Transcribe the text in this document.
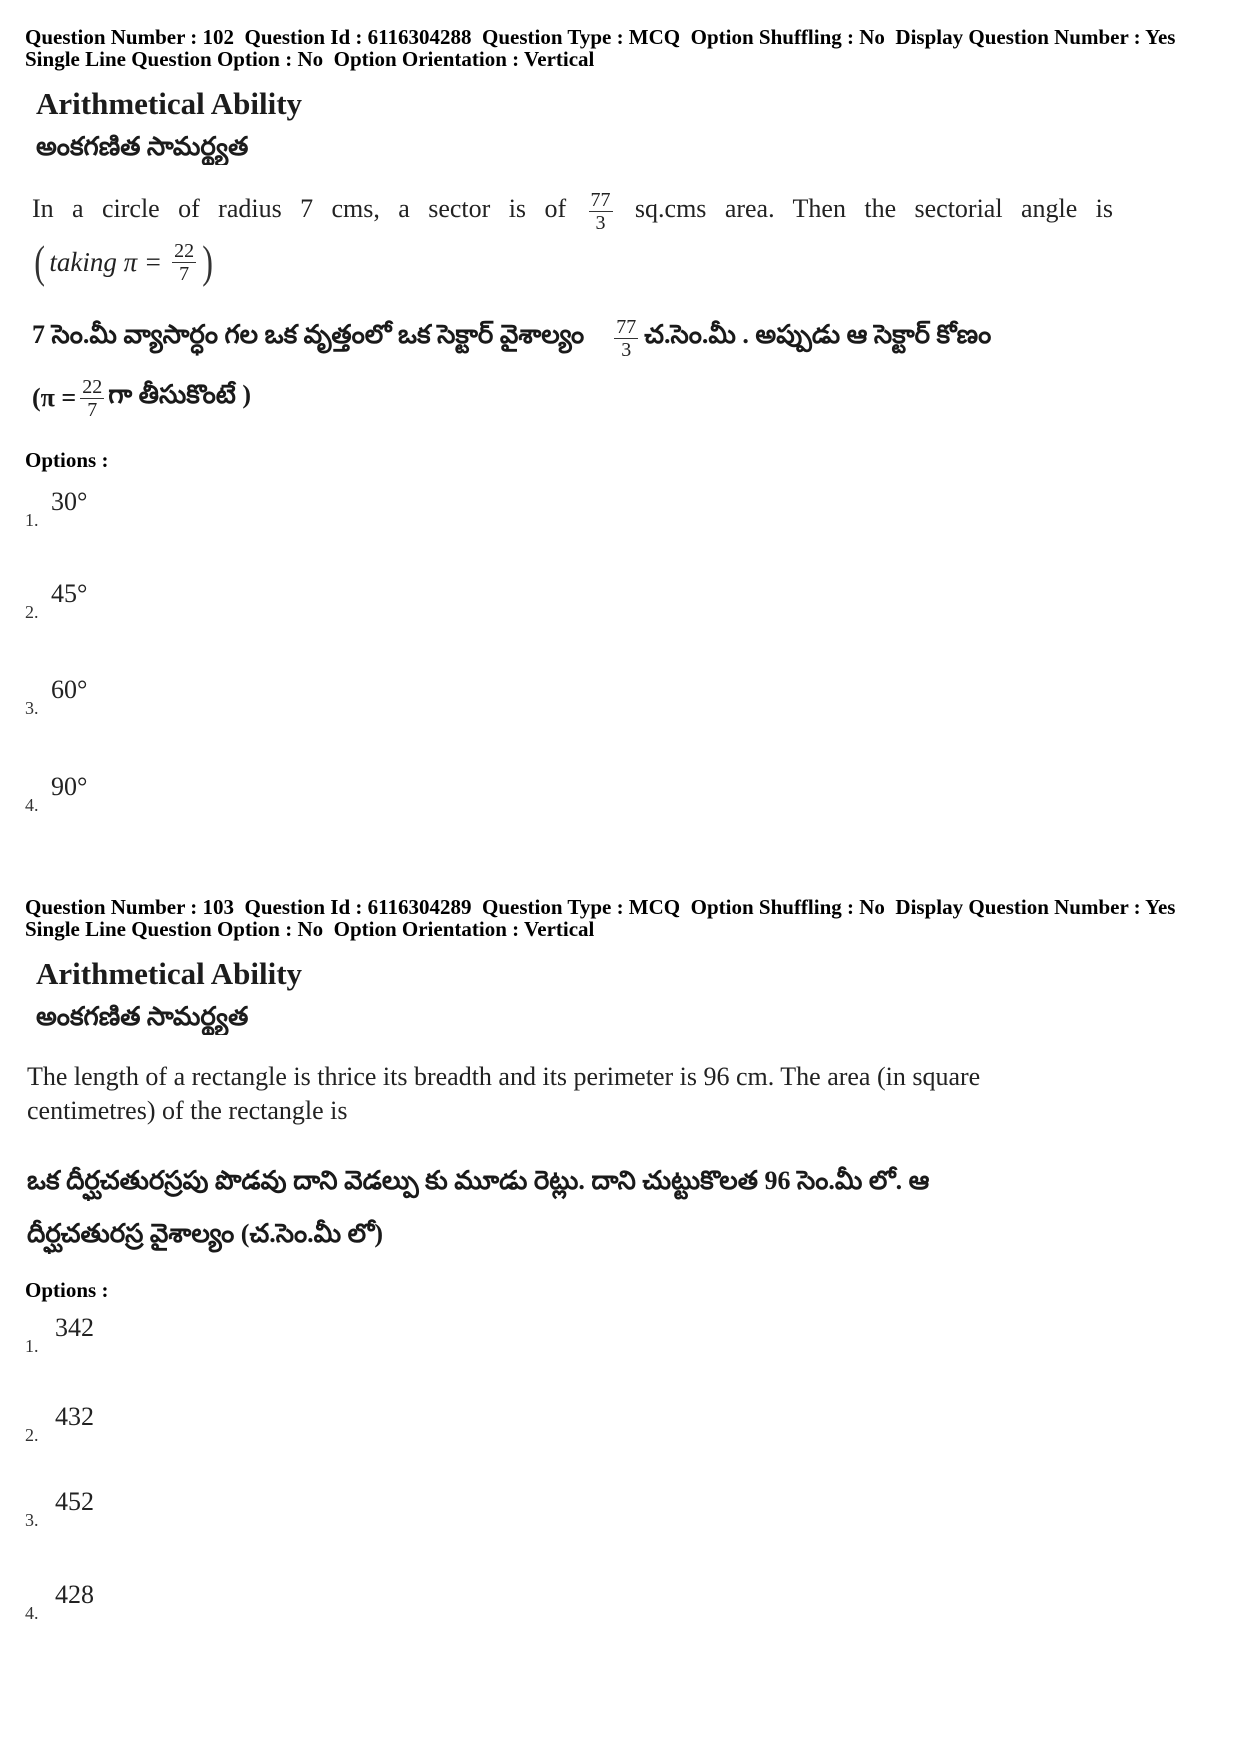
Question Number : 102  Question Id : 6116304288  Question Type : MCQ  Option Shuffling : No  Display Question Number : Yes
Single Line Question Option : No  Option Orientation : Vertical
Arithmetical Ability
అంకగణిత సామర్థ్యత
In a circle of radius 7 cms, a sector is of $\frac{77}{3} sq.cms$ area. Then the sectorial angle is
( taking $\pi = \frac{22}{7}$ )
7 సెం.మీ వ్యాసార్ధం గల ఒక వృత్తంలో ఒక సెక్టార్ వైశాల్యం $\frac{77}{3}$ చ.సెం.మీ . అప్పుడు ఆ సెక్టార్ కోణం
($\pi = \frac{22}{7}$ గా తీసుకొంటే )
Options :
1.
30°
2.
45°
3.
60°
4.
90°
Question Number : 103  Question Id : 6116304289  Question Type : MCQ  Option Shuffling : No  Display Question Number : Yes
Single Line Question Option : No  Option Orientation : Vertical
Arithmetical Ability
అంకగణిత సామర్థ్యత
The length of a rectangle is thrice its breadth and its perimeter is 96 cm. The area (in square
centimetres) of the rectangle is
ఒక దీర్ఘచతురస్రపు పొడవు దాని వెడల్పు కు మూడు రెట్లు. దాని చుట్టుకొలత 96 సెం.మీ లో. ఆ
దీర్ఘచతురస్ర వైశాల్యం (చ.సెం.మీ లో)
Options :
1.
342
2.
432
3.
452
4.
428
